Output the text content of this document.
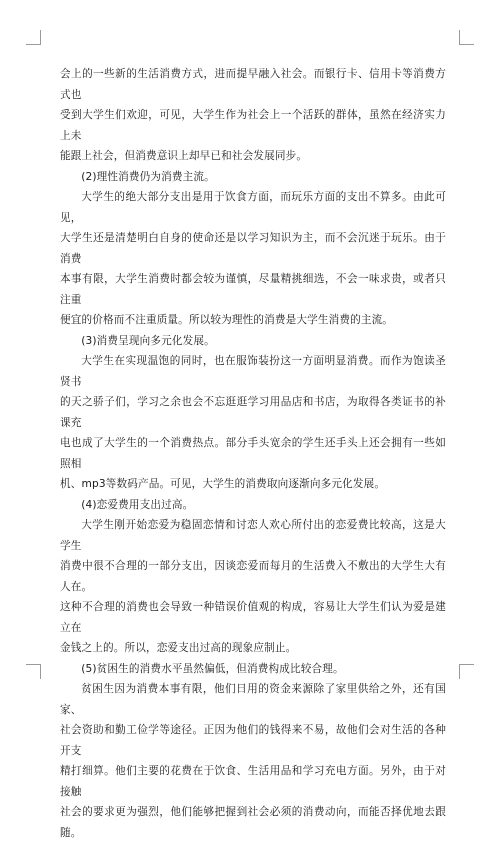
会上的一些新的生活消费方式，进而提早融入社会。而银行卡、信用卡等消费方式也
受到大学生们欢迎，可见，大学生作为社会上一个活跃的群体，虽然在经济实力上未
能跟上社会，但消费意识上却早已和社会发展同步。

(2)理性消费仍为消费主流。

大学生的绝大部分支出是用于饮食方面，而玩乐方面的支出不算多。由此可见，
大学生还是清楚明白自身的使命还是以学习知识为主，而不会沉迷于玩乐。由于消费
本事有限，大学生消费时都会较为谨慎，尽量精挑细选，不会一味求贵，或者只注重
便宜的价格而不注重质量。所以较为理性的消费是大学生消费的主流。

(3)消费呈现向多元化发展。

大学生在实现温饱的同时，也在服饰装扮这一方面明显消费。而作为饱读圣贤书
的天之骄子们，学习之余也会不忘逛逛学习用品店和书店，为取得各类证书的补课充
电也成了大学生的一个消费热点。部分手头宽余的学生还手头上还会拥有一些如照相
机、mp3等数码产品。可见，大学生的消费取向逐渐向多元化发展。

(4)恋爱费用支出过高。

大学生刚开始恋爱为稳固恋情和讨恋人欢心所付出的恋爱费比较高，这是大学生
消费中很不合理的一部分支出，因谈恋爱而每月的生活费入不敷出的大学生大有人在。
这种不合理的消费也会导致一种错误价值观的构成，容易让大学生们认为爱是建立在
金钱之上的。所以，恋爱支出过高的现象应制止。

(5)贫困生的消费水平虽然偏低，但消费构成比较合理。

贫困生因为消费本事有限，他们日用的资金来源除了家里供给之外，还有国家、
社会资助和勤工俭学等途径。正因为他们的钱得来不易，故他们会对生活的各种开支
精打细算。他们主要的花费在于饮食、生活用品和学习充电方面。另外，由于对接触
社会的要求更为强烈，他们能够把握到社会必须的消费动向，而能否择优地去跟随。
